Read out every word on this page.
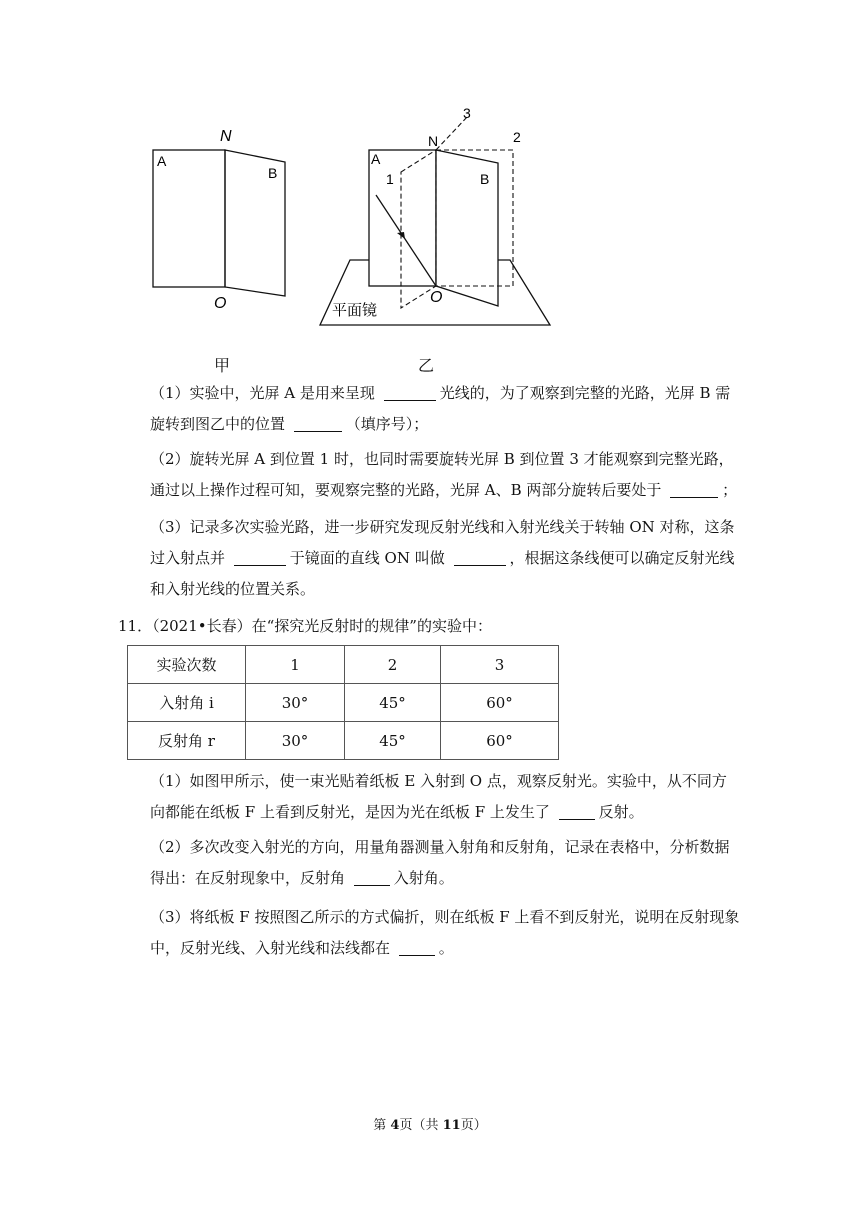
N
A
B
O
N
A
B
1
2
3
O
平面镜
甲	乙
（1）实验中，光屏 A 是用来呈现	光线的，为了观察到完整的光路，光屏 B 需旋转到图乙中的位置	（填序号）；
（2）旋转光屏 A 到位置 1 时，也同时需要旋转光屏 B 到位置 3 才能观察到完整光路，通过以上操作过程可知，要观察完整的光路，光屏 A、B 两部分旋转后要处于	；
（3）记录多次实验光路，进一步研究发现反射光线和入射光线关于转轴 ON 对称，这条过入射点并	于镜面的直线 ON 叫做	，根据这条线便可以确定反射光线和入射光线的位置关系。
11．（2021•长春）在“探究光反射时的规律”的实验中：
实验次数	1	2	3
入射角 i	30°	45°	60°
反射角 r	30°	45°	60°
（1）如图甲所示，使一束光贴着纸板 E 入射到 O 点，观察反射光。实验中，从不同方向都能在纸板 F 上看到反射光，是因为光在纸板 F 上发生了	反射。
（2）多次改变入射光的方向，用量角器测量入射角和反射角，记录在表格中，分析数据得出：在反射现象中，反射角	入射角。
（3）将纸板 F 按照图乙所示的方式偏折，则在纸板 F 上看不到反射光，说明在反射现象中，反射光线、入射光线和法线都在	。
第 4页（共 11页）
